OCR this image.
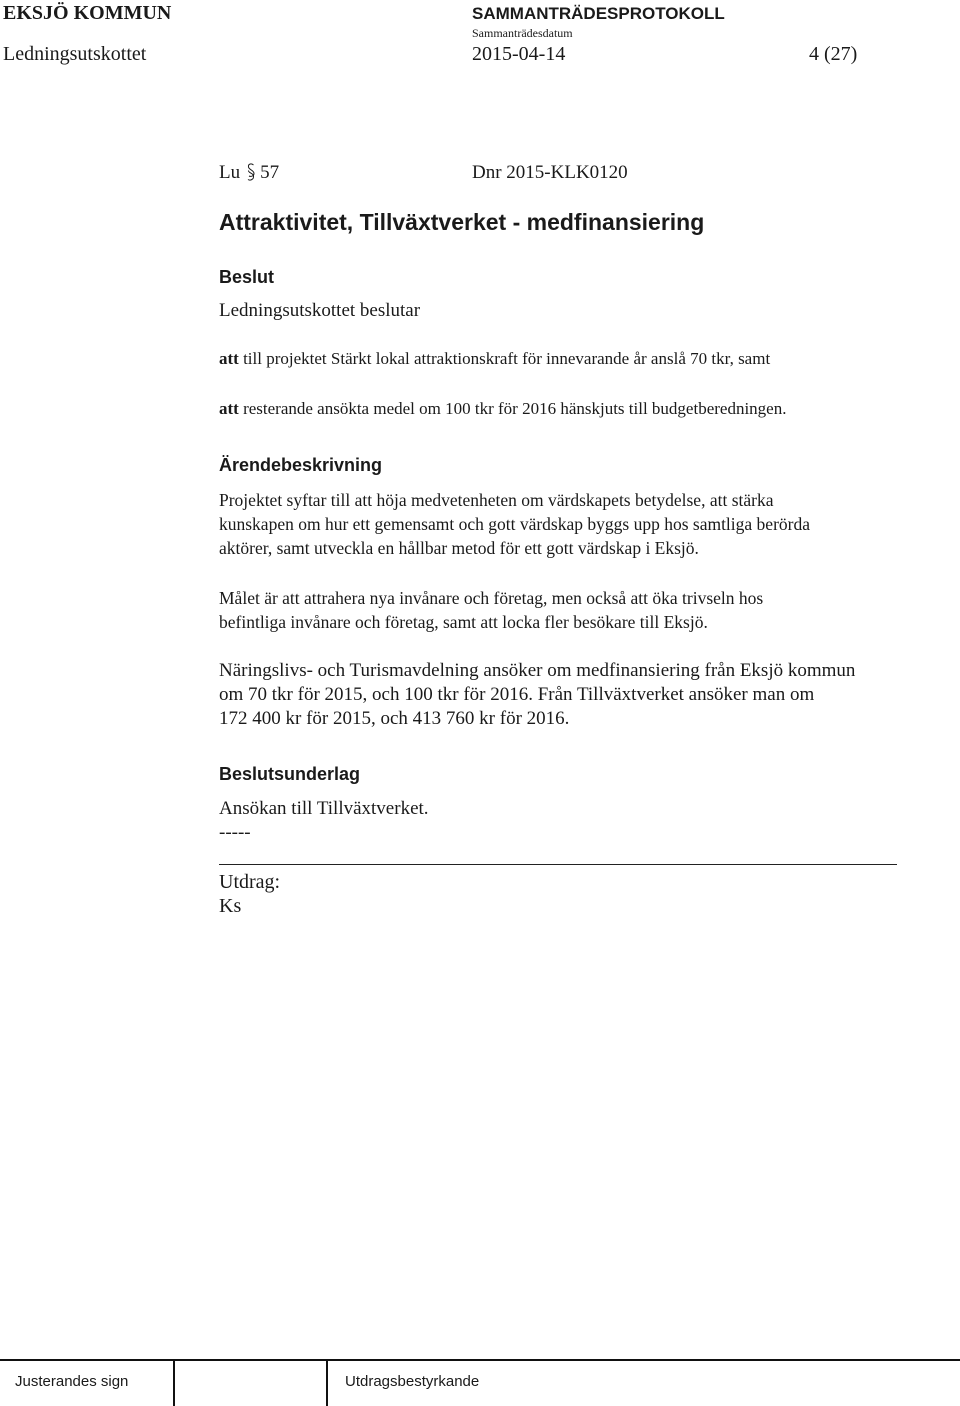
EKSJÖ KOMMUN	SAMMANTRÄDESPROTOKOLL
Sammanträdesdatum
Ledningsutskottet	2015-04-14	4 (27)
Lu 57	Dnr 2015-KLK0120
Attraktivitet, Tillväxtverket - medfinansiering
Beslut
Ledningsutskottet beslutar
att till projektet Stärkt lokal attraktionskraft för innevarande år anslå 70 tkr, samt
att resterande ansökta medel om 100 tkr för 2016 hänskjuts till budgetberedningen.
Ärendebeskrivning
Projektet syftar till att höja medvetenheten om värdskapets betydelse, att stärka
kunskapen om hur ett gemensamt och gott värdskap byggs upp hos samtliga berörda
aktörer, samt utveckla en hållbar metod för ett gott värdskap i Eksjö.
Målet är att attrahera nya invånare och företag, men också att öka trivseln hos
befintliga invånare och företag, samt att locka fler besökare till Eksjö.
Näringslivs- och Turismavdelning ansöker om medfinansiering från Eksjö kommun
om 70 tkr för 2015, och 100 tkr för 2016. Från Tillväxtverket ansöker man om
172 400 kr för 2015, och 413 760 kr för 2016.
Beslutsunderlag
Ansökan till Tillväxtverket.
-----
Utdrag:
Ks
Justerandes sign	Utdragsbestyrkande
